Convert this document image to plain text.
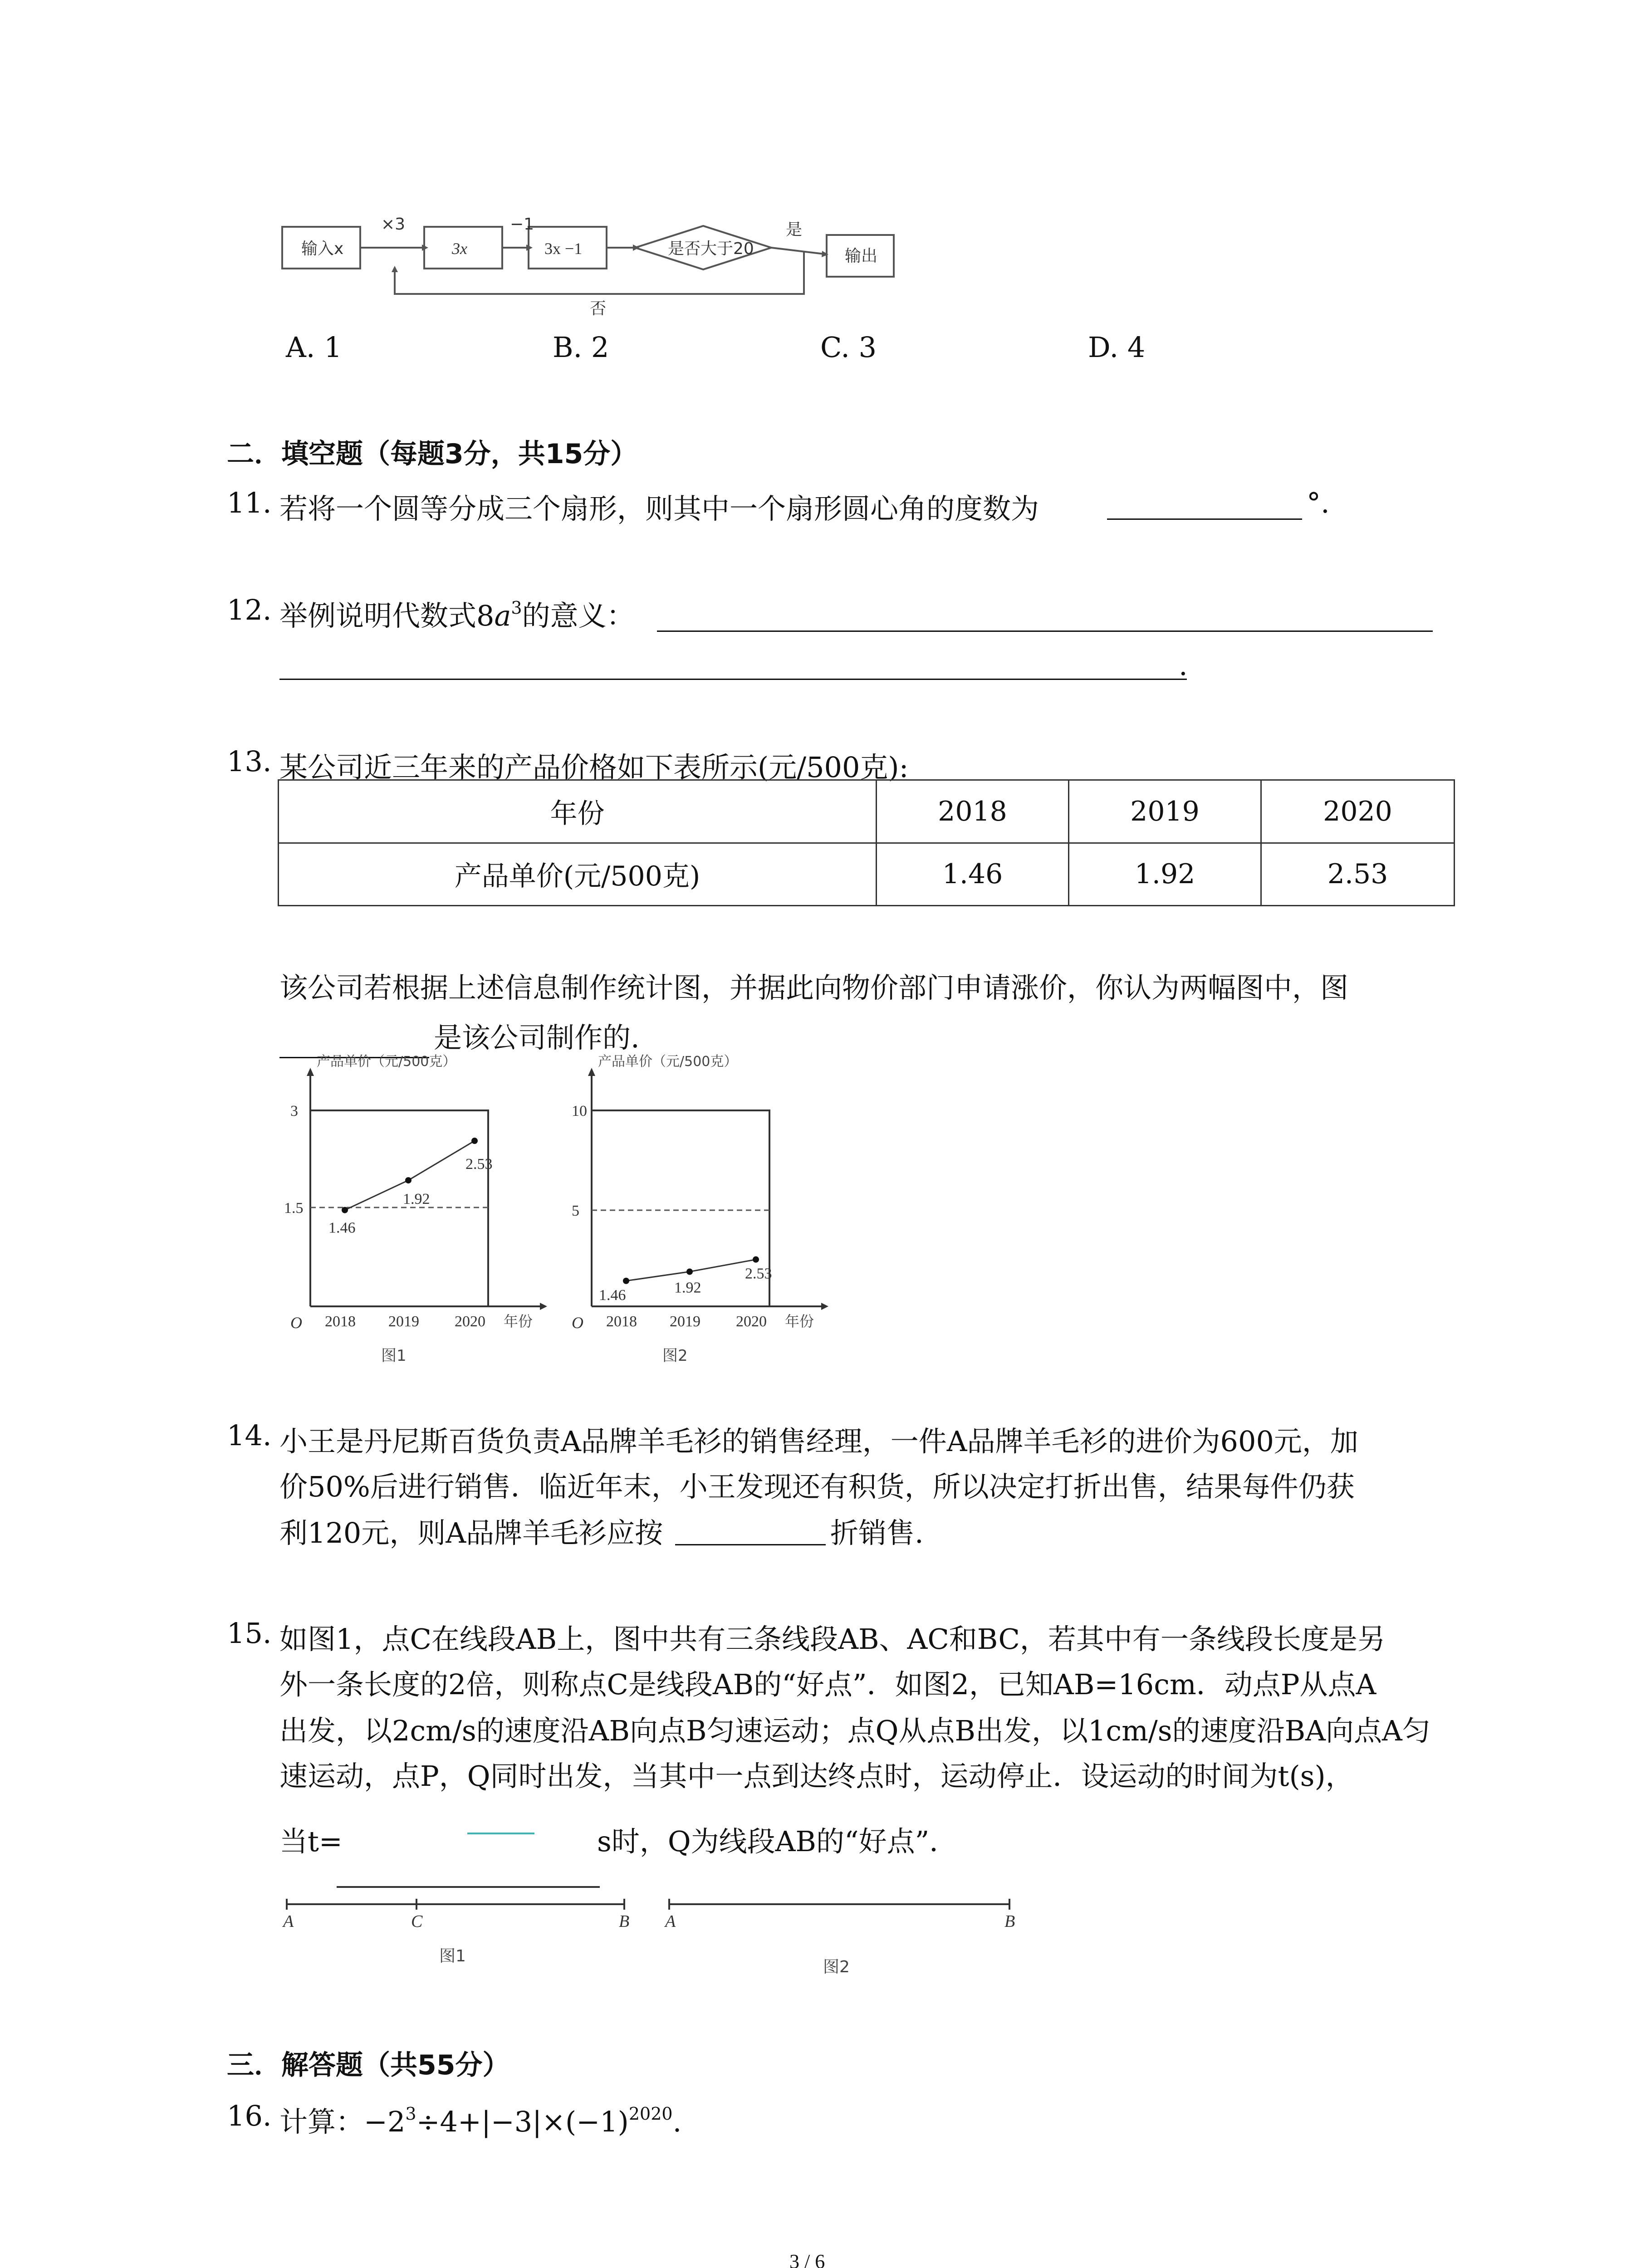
输入x
×3
3x
−1
3x −1	是否大于20
是
输出
否
A. 1	B. 2	C. 3	D. 4
二．填空题（每题3分，共15分）
11. 若将一个圆等分成三个扇形，则其中一个扇形圆心角的度数为	°.
12. 举例说明代数式$8a^3$的意义：
.
13. 某公司近三年来的产品价格如下表所示(元/500克):
年份	2018	2019	2020
产品单价(元/500克)	1.46	1.92	2.53
该公司若根据上述信息制作统计图，并据此向物价部门申请涨价，你认为两幅图中，图
是该公司制作的.
1.5
3
O
产品单价（元/500克）
2018 2019 2020 年份
1.46
1.92
2.53
图1
5
10
O
产品单价（元/500克）
2018 2019 2020 年份
1.46	1.92
2.53
图2
14. 小王是丹尼斯百货负责A品牌羊毛衫的销售经理，一件A品牌羊毛衫的进价为600元，加
价50%后进行销售．临近年末，小王发现还有积货，所以决定打折出售，结果每件仍获
利120元，则A品牌羊毛衫应按	折销售.
15. 如图1，点C在线段AB上，图中共有三条线段AB、AC和BC，若其中有一条线段长度是另
外一条长度的2倍，则称点C是线段AB的“好点”．如图2，已知AB=16cm．动点P从点A
出发，以2cm/s的速度沿AB向点B匀速运动；点Q从点B出发，以1cm/s的速度沿BA向点A匀
速运动，点P，Q同时出发，当其中一点到达终点时，运动停止．设运动的时间为t(s)，
当t=	s时，Q为线段AB的“好点”．
A	C	B A	B
图1
图2
三．解答题（共55分）
16. 计算：$-2^3\div 4+|-3|\times(-1)^{2020}$.
3 / 6
